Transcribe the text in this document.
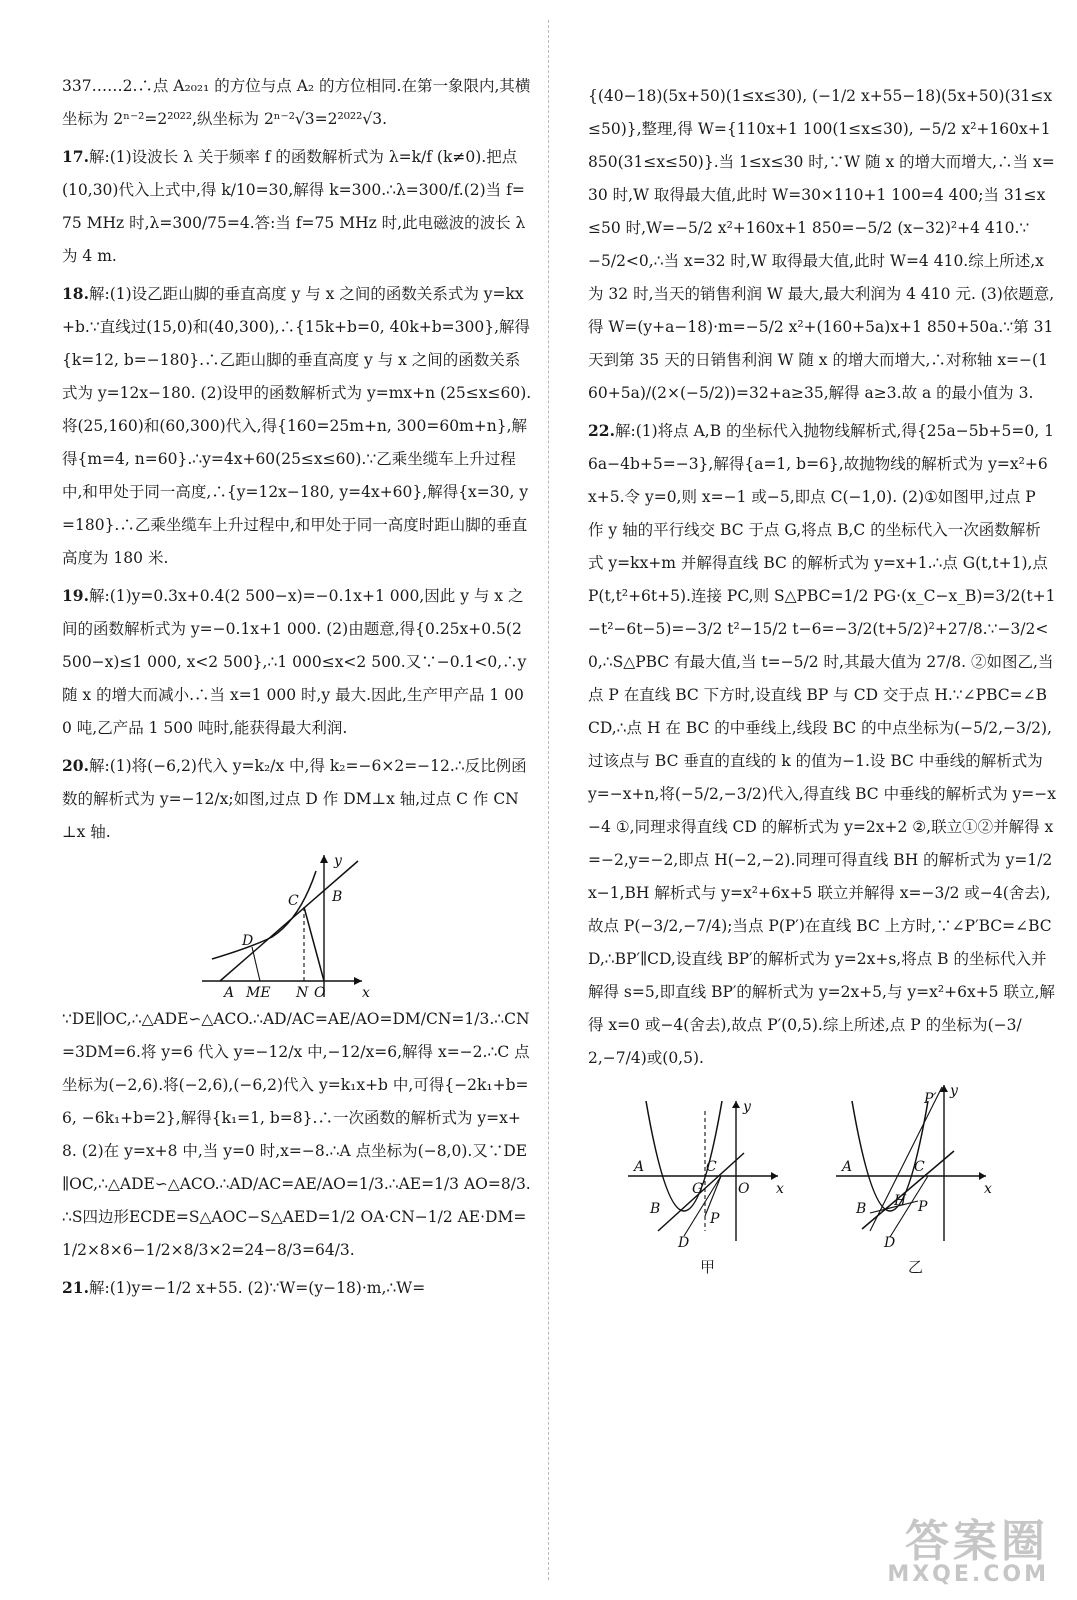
337……2.∴点 A₂₀₂₁ 的方位与点 A₂ 的方位相同.在第一象限内,其横坐标为 2ⁿ⁻²=2²⁰²²,纵坐标为 2ⁿ⁻²√3=2²⁰²²√3.

17.解:(1)设波长 λ 关于频率 f 的函数解析式为 λ=k/f (k≠0).把点(10,30)代入上式中,得 k/10=30,解得 k=300.∴λ=300/f.(2)当 f=75 MHz 时,λ=300/75=4.答:当 f=75 MHz 时,此电磁波的波长 λ 为 4 m.

18.解:(1)设乙距山脚的垂直高度 y 与 x 之间的函数关系式为 y=kx+b.∵直线过(15,0)和(40,300),∴{15k+b=0, 40k+b=300},解得{k=12, b=−180}.∴乙距山脚的垂直高度 y 与 x 之间的函数关系式为 y=12x−180. (2)设甲的函数解析式为 y=mx+n (25≤x≤60).将(25,160)和(60,300)代入,得{160=25m+n, 300=60m+n},解得{m=4, n=60}.∴y=4x+60(25≤x≤60).∵乙乘坐缆车上升过程中,和甲处于同一高度,∴{y=12x−180, y=4x+60},解得{x=30, y=180}.∴乙乘坐缆车上升过程中,和甲处于同一高度时距山脚的垂直高度为 180 米.

19.解:(1)y=0.3x+0.4(2 500−x)=−0.1x+1 000,因此 y 与 x 之间的函数解析式为 y=−0.1x+1 000. (2)由题意,得{0.25x+0.5(2 500−x)≤1 000, x<2 500},∴1 000≤x<2 500.又∵−0.1<0,∴y 随 x 的增大而减小.∴当 x=1 000 时,y 最大.因此,生产甲产品 1 000 吨,乙产品 1 500 吨时,能获得最大利润.

20.解:(1)将(−6,2)代入 y=k₂/x 中,得 k₂=−6×2=−12.∴反比例函数的解析式为 y=−12/x;如图,过点 D 作 DM⊥x 轴,过点 C 作 CN⊥x 轴.

y
x
B
C
D
A ME N O

∵DE∥OC,∴△ADE∽△ACO.∴AD/AC=AE/AO=DM/CN=1/3.∴CN=3DM=6.将 y=6 代入 y=−12/x 中,−12/x=6,解得 x=−2.∴C 点坐标为(−2,6).将(−2,6),(−6,2)代入 y=k₁x+b 中,可得{−2k₁+b=6, −6k₁+b=2},解得{k₁=1, b=8}.∴一次函数的解析式为 y=x+8. (2)在 y=x+8 中,当 y=0 时,x=−8.∴A 点坐标为(−8,0).又∵DE∥OC,∴△ADE∽△ACO.∴AD/AC=AE/AO=1/3.∴AE=1/3 AO=8/3.∴S四边形ECDE=S△AOC−S△AED=1/2 OA·CN−1/2 AE·DM=1/2×8×6−1/2×8/3×2=24−8/3=64/3.

21.解:(1)y=−1/2 x+55. (2)∵W=(y−18)·m,∴W=

{(40−18)(5x+50)(1≤x≤30), (−1/2 x+55−18)(5x+50)(31≤x≤50)},整理,得 W={110x+1 100(1≤x≤30), −5/2 x²+160x+1 850(31≤x≤50)}.当 1≤x≤30 时,∵W 随 x 的增大而增大,∴当 x=30 时,W 取得最大值,此时 W=30×110+1 100=4 400;当 31≤x≤50 时,W=−5/2 x²+160x+1 850=−5/2 (x−32)²+4 410.∵−5/2<0,∴当 x=32 时,W 取得最大值,此时 W=4 410.综上所述,x 为 32 时,当天的销售利润 W 最大,最大利润为 4 410 元. (3)依题意,得 W=(y+a−18)·m=−5/2 x²+(160+5a)x+1 850+50a.∵第 31 天到第 35 天的日销售利润 W 随 x 的增大而增大,∴对称轴 x=−(160+5a)/(2×(−5/2))=32+a≥35,解得 a≥3.故 a 的最小值为 3.

22.解:(1)将点 A,B 的坐标代入抛物线解析式,得{25a−5b+5=0, 16a−4b+5=−3},解得{a=1, b=6},故抛物线的解析式为 y=x²+6x+5.令 y=0,则 x=−1 或−5,即点 C(−1,0). (2)①如图甲,过点 P 作 y 轴的平行线交 BC 于点 G,将点 B,C 的坐标代入一次函数解析式 y=kx+m 并解得直线 BC 的解析式为 y=x+1.∴点 G(t,t+1),点 P(t,t²+6t+5).连接 PC,则 S△PBC=1/2 PG·(x_C−x_B)=3/2(t+1−t²−6t−5)=−3/2 t²−15/2 t−6=−3/2(t+5/2)²+27/8.∵−3/2<0,∴S△PBC 有最大值,当 t=−5/2 时,其最大值为 27/8. ②如图乙,当点 P 在直线 BC 下方时,设直线 BP 与 CD 交于点 H.∵∠PBC=∠BCD,∴点 H 在 BC 的中垂线上,线段 BC 的中点坐标为(−5/2,−3/2),过该点与 BC 垂直的直线的 k 的值为−1.设 BC 中垂线的解析式为 y=−x+n,将(−5/2,−3/2)代入,得直线 BC 中垂线的解析式为 y=−x−4 ①,同理求得直线 CD 的解析式为 y=2x+2 ②,联立①②并解得 x=−2,y=−2,即点 H(−2,−2).同理可得直线 BH 的解析式为 y=1/2 x−1,BH 解析式与 y=x²+6x+5 联立并解得 x=−3/2 或−4(舍去),故点 P(−3/2,−7/4);当点 P(P′)在直线 BC 上方时,∵∠P′BC=∠BCD,∴BP′∥CD,设直线 BP′的解析式为 y=2x+s,将点 B 的坐标代入并解得 s=5,即直线 BP′的解析式为 y=2x+5,与 y=x²+6x+5 联立,解得 x=0 或−4(舍去),故点 P′(0,5).综上所述,点 P 的坐标为(−3/2,−7/4)或(0,5).

y
x
A
B
C
D
G
P
O
y
x
P′
A
B
C
D
H P
甲	乙
答案圈
MXQE.COM
